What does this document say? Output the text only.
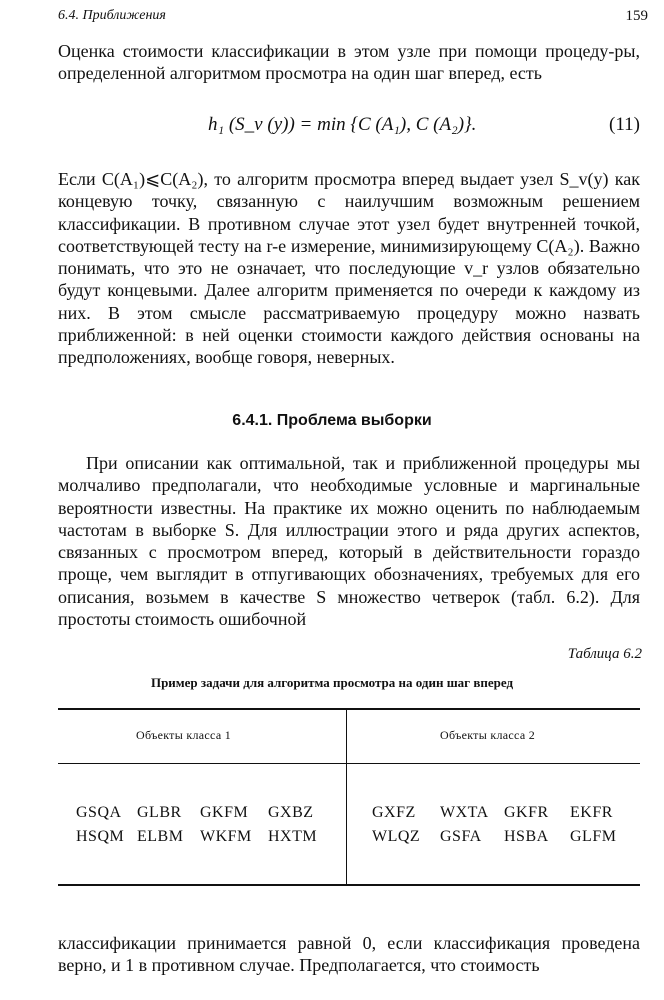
6.4. Приближения	159
Оценка стоимости классификации в этом узле при помощи процеду-ры, определенной алгоритмом просмотра на один шаг вперед, есть
h₁ (S_v (y)) = min {C (A₁), C (A₂)}.	(11)
Если C(A₁)⩽C(A₂), то алгоритм просмотра вперед выдает узел S_v(y) как концевую точку, связанную с наилучшим возможным решением классификации. В противном случае этот узел будет внутренней точкой, соответствующей тесту на r-е измерение, минимизирующему C(A₂). Важно понимать, что это не означает, что последующие v_r узлов обязательно будут концевыми. Далее алгоритм применяется по очереди к каждому из них. В этом смысле рассматриваемую процедуру можно назвать приближенной: в ней оценки стоимости каждого действия основаны на предположениях, вообще говоря, неверных.
6.4.1. Проблема выборки
При описании как оптимальной, так и приближенной процедуры мы молчаливо предполагали, что необходимые условные и маргинальные вероятности известны. На практике их можно оценить по наблюдаемым частотам в выборке S. Для иллюстрации этого и ряда других аспектов, связанных с просмотром вперед, который в действительности гораздо проще, чем выглядит в отпугивающих обозначениях, требуемых для его описания, возьмем в качестве S множество четверок (табл. 6.2). Для простоты стоимость ошибочной
Таблица 6.2
Пример задачи для алгоритма просмотра на один шаг вперед
Объекты класса 1	Объекты класса 2
GSQA GLBR GKFM GXBZ	GXFZ WXTA GKFR EKFR
HSQM ELBM WKFM HXTM	WLQZ GSFA HSBA GLFM
классификации принимается равной 0, если классификация проведена верно, и 1 в противном случае. Предполагается, что стоимость
